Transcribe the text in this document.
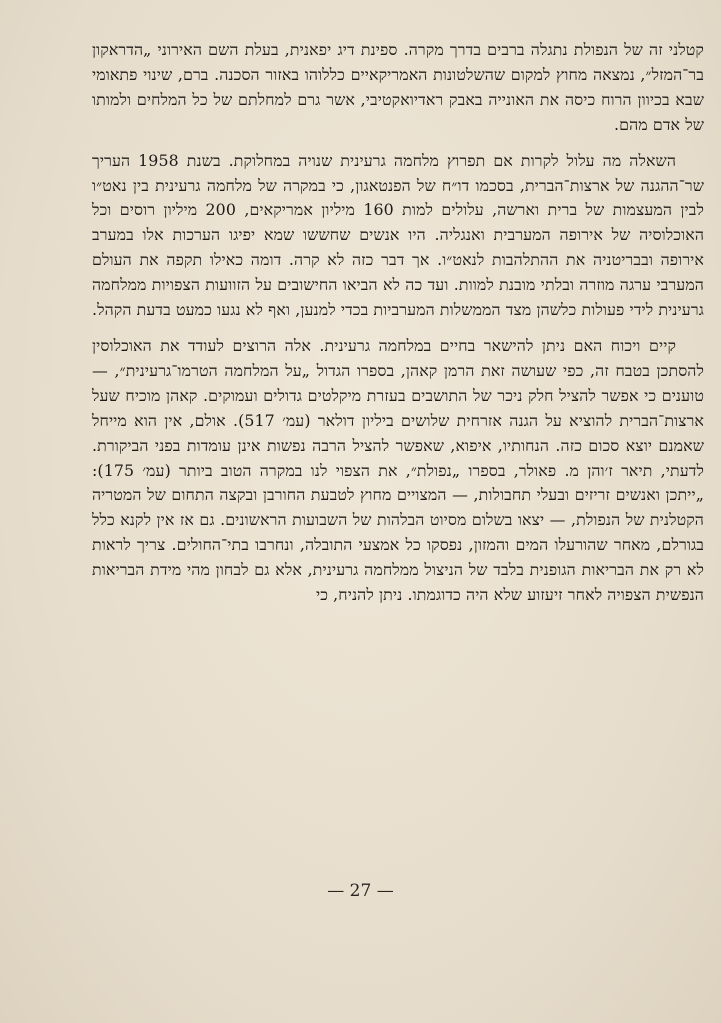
קטלני זה של הנפולת נתגלה ברבים בדרך מקרה. ספינת דיג יפאנית, בעלת השם האירוני „הדראקון בר־המזל״, נמצאה מחוץ למקום שהשלטונות האמריקאיים כללוהו באזור הסכנה. ברם, שינוי פתאומי שבא בכיוון הרוח כיסה את האונייה באבק ראדיואקטיבי, אשר גרם למחלתם של כל המלחים ולמותו של אדם מהם.

השאלה מה עלול לקרות אם תפרוץ מלחמה גרעינית שנויה במחלוקת. בשנת 1958 העריך שר־ההגנה של ארצות־הברית, בסכמו דו״ח של הפנטאגון, כי במקרה של מלחמה גרעינית בין נאט״ו לבין המעצמות של ברית וארשה, עלולים למות 160 מיליון אמריקאים, 200 מיליון רוסים וכל האוכלוסיה של אירופה המערבית ואנגליה. היו אנשים שחששו שמא יפיגו הערכות אלו במערב אירופה ובבריטניה את ההתלהבות לנאט״ו. אך דבר כזה לא קרה. דומה כאילו תקפה את העולם המערבי ערגה מוזרה ובלתי מובנת למוות. ועד כה לא הביאו החישובים על הזוועות הצפויות ממלחמה גרעינית לידי פעולות כלשהן מצד הממשלות המערביות בכדי למנען, ואף לא נגעו כמעט בדעת הקהל.

קיים ויכוח האם ניתן להישאר בחיים במלחמה גרעינית. אלה הרוצים לעודד את האוכלוסין להסתכן בטבח זה, כפי שעושה זאת הרמן קאהן, בספרו הגדול „על המלחמה הטרמו־גרעינית״, — טוענים כי אפשר להציל חלק ניכר של התושבים בעזרת מיקלטים גדולים ועמוקים. קאהן מוכיח שעל ארצות־הברית להוציא על הגנה אזרחית שלושים ביליון דולאר (עמ׳ 517). אולם, אין הוא מייחל שאמנם יוצא סכום כזה. הנחותיו, איפוא, שאפשר להציל הרבה נפשות אינן עומדות בפני הביקורת. לדעתי, תיאר ז׳והן מ. פאולר, בספרו „נפולת״, את הצפוי לנו במקרה הטוב ביותר (עמ׳ 175): „ייתכן ואנשים זריזים ובעלי תחבולות, — המצויים מחוץ לטבעת החורבן ובקצה התחום של המטריה הקטלנית של הנפולת, — יצאו בשלום מסיוט הבלהות של השבועות הראשונים. גם אז אין לקנא כלל בגורלם, מאחר שהורעלו המים והמזון, נפסקו כל אמצעי התובלה, ונחרבו בתי־החולים. צריך לראות לא רק את הבריאות הגופנית בלבד של הניצול ממלחמה גרעינית, אלא גם לבחון מהי מידת הבריאות הנפשית הצפויה לאחר זיעזוע שלא היה כדוגמתו. ניתן להניח, כי

— 27 —
